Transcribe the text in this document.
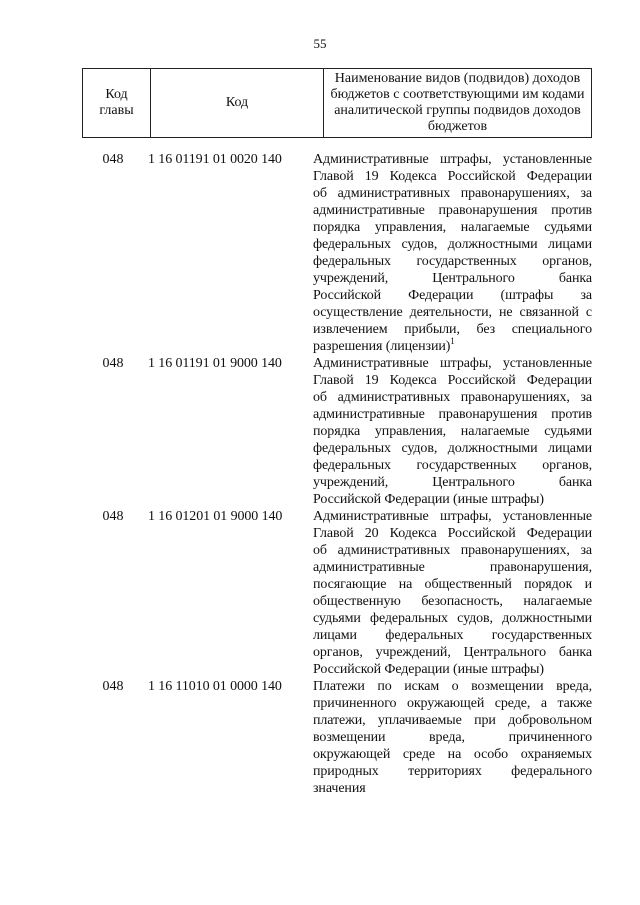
55
Код главы	Код	Наименование видов (подвидов) доходов бюджетов с соответствующими им кодами аналитической группы подвидов доходов бюджетов
048	1 16 01191 01 0020 140	Административные штрафы, установленные
Главой 19 Кодекса Российской Федерации
об административных правонарушениях, за
административные правонарушения против
порядка управления, налагаемые судьями
федеральных судов, должностными лицами
федеральных государственных органов,
учреждений, Центрального банка
Российской Федерации (штрафы за
осуществление деятельности, не связанной с
извлечением прибыли, без специального
разрешения (лицензии)$^1$
048	1 16 01191 01 9000 140	Административные штрафы, установленные
Главой 19 Кодекса Российской Федерации
об административных правонарушениях, за
административные правонарушения против
порядка управления, налагаемые судьями
федеральных судов, должностными лицами
федеральных государственных органов,
учреждений, Центрального банка
Российской Федерации (иные штрафы)
048	1 16 01201 01 9000 140	Административные штрафы, установленные
Главой 20 Кодекса Российской Федерации
об административных правонарушениях, за
административные правонарушения,
посягающие на общественный порядок и
общественную безопасность, налагаемые
судьями федеральных судов, должностными
лицами федеральных государственных
органов, учреждений, Центрального банка
Российской Федерации (иные штрафы)
048	1 16 11010 01 0000 140	Платежи по искам о возмещении вреда,
причиненного окружающей среде, а также
платежи, уплачиваемые при добровольном
возмещении вреда, причиненного
окружающей среде на особо охраняемых
природных территориях федерального
значения
